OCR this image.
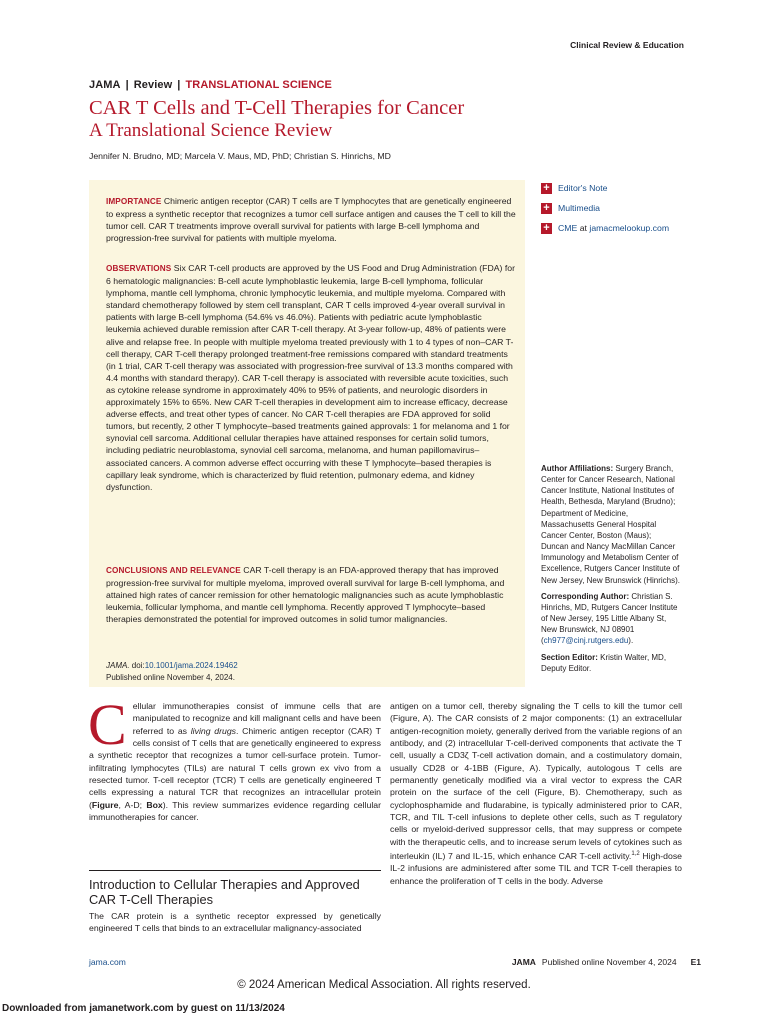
Clinical Review & Education
JAMA | Review | TRANSLATIONAL SCIENCE
CAR T Cells and T-Cell Therapies for Cancer
A Translational Science Review
Jennifer N. Brudno, MD; Marcela V. Maus, MD, PhD; Christian S. Hinrichs, MD

IMPORTANCE Chimeric antigen receptor (CAR) T cells are T lymphocytes that are genetically engineered to express a synthetic receptor that recognizes a tumor cell surface antigen and causes the T cell to kill the tumor cell. CAR T treatments improve overall survival for patients with large B-cell lymphoma and progression-free survival for patients with multiple myeloma.

OBSERVATIONS Six CAR T-cell products are approved by the US Food and Drug Administration (FDA) for 6 hematologic malignancies: B-cell acute lymphoblastic leukemia, large B-cell lymphoma, follicular lymphoma, mantle cell lymphoma, chronic lymphocytic leukemia, and multiple myeloma. Compared with standard chemotherapy followed by stem cell transplant, CAR T cells improved 4-year overall survival in patients with large B-cell lymphoma (54.6% vs 46.0%). Patients with pediatric acute lymphoblastic leukemia achieved durable remission after CAR T-cell therapy. At 3-year follow-up, 48% of patients were alive and relapse free. In people with multiple myeloma treated previously with 1 to 4 types of non–CAR T-cell therapy, CAR T-cell therapy prolonged treatment-free remissions compared with standard treatments (in 1 trial, CAR T-cell therapy was associated with progression-free survival of 13.3 months compared with 4.4 months with standard therapy). CAR T-cell therapy is associated with reversible acute toxicities, such as cytokine release syndrome in approximately 40% to 95% of patients, and neurologic disorders in approximately 15% to 65%. New CAR T-cell therapies in development aim to increase efficacy, decrease adverse effects, and treat other types of cancer. No CAR T-cell therapies are FDA approved for solid tumors, but recently, 2 other T lymphocyte–based treatments gained approvals: 1 for melanoma and 1 for synovial cell sarcoma. Additional cellular therapies have attained responses for certain solid tumors, including pediatric neuroblastoma, synovial cell sarcoma, melanoma, and human papillomavirus–associated cancers. A common adverse effect occurring with these T lymphocyte–based therapies is capillary leak syndrome, which is characterized by fluid retention, pulmonary edema, and kidney dysfunction.

CONCLUSIONS AND RELEVANCE CAR T-cell therapy is an FDA-approved therapy that has improved progression-free survival for multiple myeloma, improved overall survival for large B-cell lymphoma, and attained high rates of cancer remission for other hematologic malignancies such as acute lymphoblastic leukemia, follicular lymphoma, and mantle cell lymphoma. Recently approved T lymphocyte–based therapies demonstrated the potential for improved outcomes in solid tumor malignancies.

JAMA. doi:10.1001/jama.2024.19462
Published online November 4, 2024.

+ Editor's Note
+ Multimedia
+ CME at jamacmelookup.com

Author Affiliations: Surgery Branch, Center for Cancer Research, National Cancer Institute, National Institutes of Health, Bethesda, Maryland (Brudno); Department of Medicine, Massachusetts General Hospital Cancer Center, Boston (Maus); Duncan and Nancy MacMillan Cancer Immunology and Metabolism Center of Excellence, Rutgers Cancer Institute of New Jersey, New Brunswick (Hinrichs).

Corresponding Author: Christian S. Hinrichs, MD, Rutgers Cancer Institute of New Jersey, 195 Little Albany St, New Brunswick, NJ 08901 (ch977@cinj.rutgers.edu).

Section Editor: Kristin Walter, MD, Deputy Editor.

Cellular immunotherapies consist of immune cells that are manipulated to recognize and kill malignant cells and have been referred to as living drugs. Chimeric antigen receptor (CAR) T cells consist of T cells that are genetically engineered to express a synthetic receptor that recognizes a tumor cell-surface protein. Tumor-infiltrating lymphocytes (TILs) are natural T cells grown ex vivo from a resected tumor. T-cell receptor (TCR) T cells are genetically engineered T cells expressing a natural TCR that recognizes an intracellular protein (Figure, A-D; Box). This review summarizes evidence regarding cellular immunotherapies for cancer.

Introduction to Cellular Therapies and Approved CAR T-Cell Therapies

The CAR protein is a synthetic receptor expressed by genetically engineered T cells that binds to an extracellular malignancy-associated

antigen on a tumor cell, thereby signaling the T cells to kill the tumor cell (Figure, A). The CAR consists of 2 major components: (1) an extracellular antigen-recognition moiety, generally derived from the variable regions of an antibody, and (2) intracellular T-cell-derived components that activate the T cell, usually a CD3ζ T-cell activation domain, and a costimulatory domain, usually CD28 or 4-1BB (Figure, A). Typically, autologous T cells are permanently genetically modified via a viral vector to express the CAR protein on the surface of the cell (Figure, B). Chemotherapy, such as cyclophosphamide and fludarabine, is typically administered prior to CAR, TCR, and TIL T-cell infusions to deplete other cells, such as T regulatory cells or myeloid-derived suppressor cells, that may suppress or compete with the therapeutic cells, and to increase serum levels of cytokines such as interleukin (IL) 7 and IL-15, which enhance CAR T-cell activity.$^{1,2}$ High-dose IL-2 infusions are administered after some TIL and TCR T-cell therapies to enhance the proliferation of T cells in the body. Adverse

jama.com	JAMA Published online November 4, 2024 E1
© 2024 American Medical Association. All rights reserved.
Downloaded from jamanetwork.com by guest on 11/13/2024
